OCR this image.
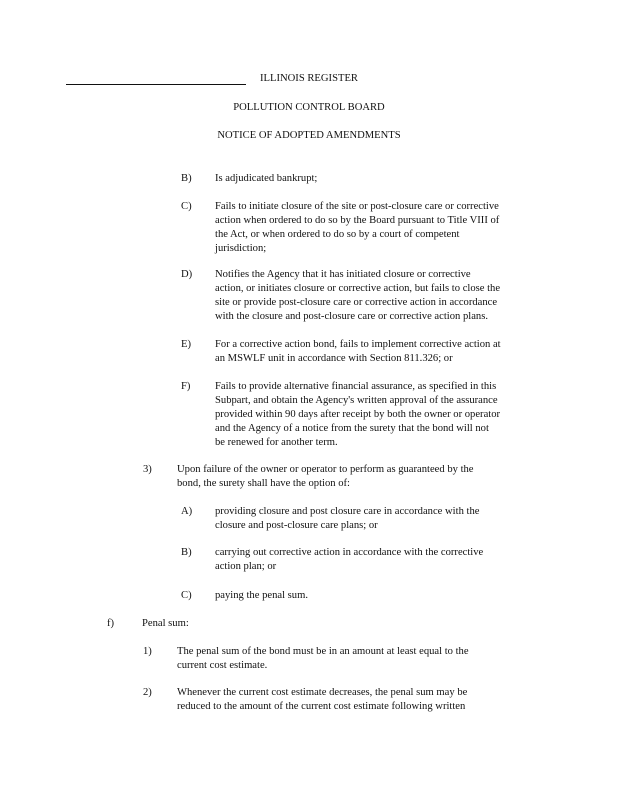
ILLINOIS REGISTER
POLLUTION CONTROL BOARD
NOTICE OF ADOPTED AMENDMENTS
B) Is adjudicated bankrupt;
C) Fails to initiate closure of the site or post-closure care or corrective
action when ordered to do so by the Board pursuant to Title VIII of
the Act, or when ordered to do so by a court of competent
jurisdiction;
D) Notifies the Agency that it has initiated closure or corrective
action, or initiates closure or corrective action, but fails to close the
site or provide post-closure care or corrective action in accordance
with the closure and post-closure care or corrective action plans.
E) For a corrective action bond, fails to implement corrective action at
an MSWLF unit in accordance with Section 811.326; or
F) Fails to provide alternative financial assurance, as specified in this
Subpart, and obtain the Agency's written approval of the assurance
provided within 90 days after receipt by both the owner or operator
and the Agency of a notice from the surety that the bond will not
be renewed for another term.
3) Upon failure of the owner or operator to perform as guaranteed by the
bond, the surety shall have the option of:
A) providing closure and post closure care in accordance with the
closure and post-closure care plans; or
B) carrying out corrective action in accordance with the corrective
action plan; or
C) paying the penal sum.
f)	Penal sum:
1) The penal sum of the bond must be in an amount at least equal to the
current cost estimate.
2) Whenever the current cost estimate decreases, the penal sum may be
reduced to the amount of the current cost estimate following written
